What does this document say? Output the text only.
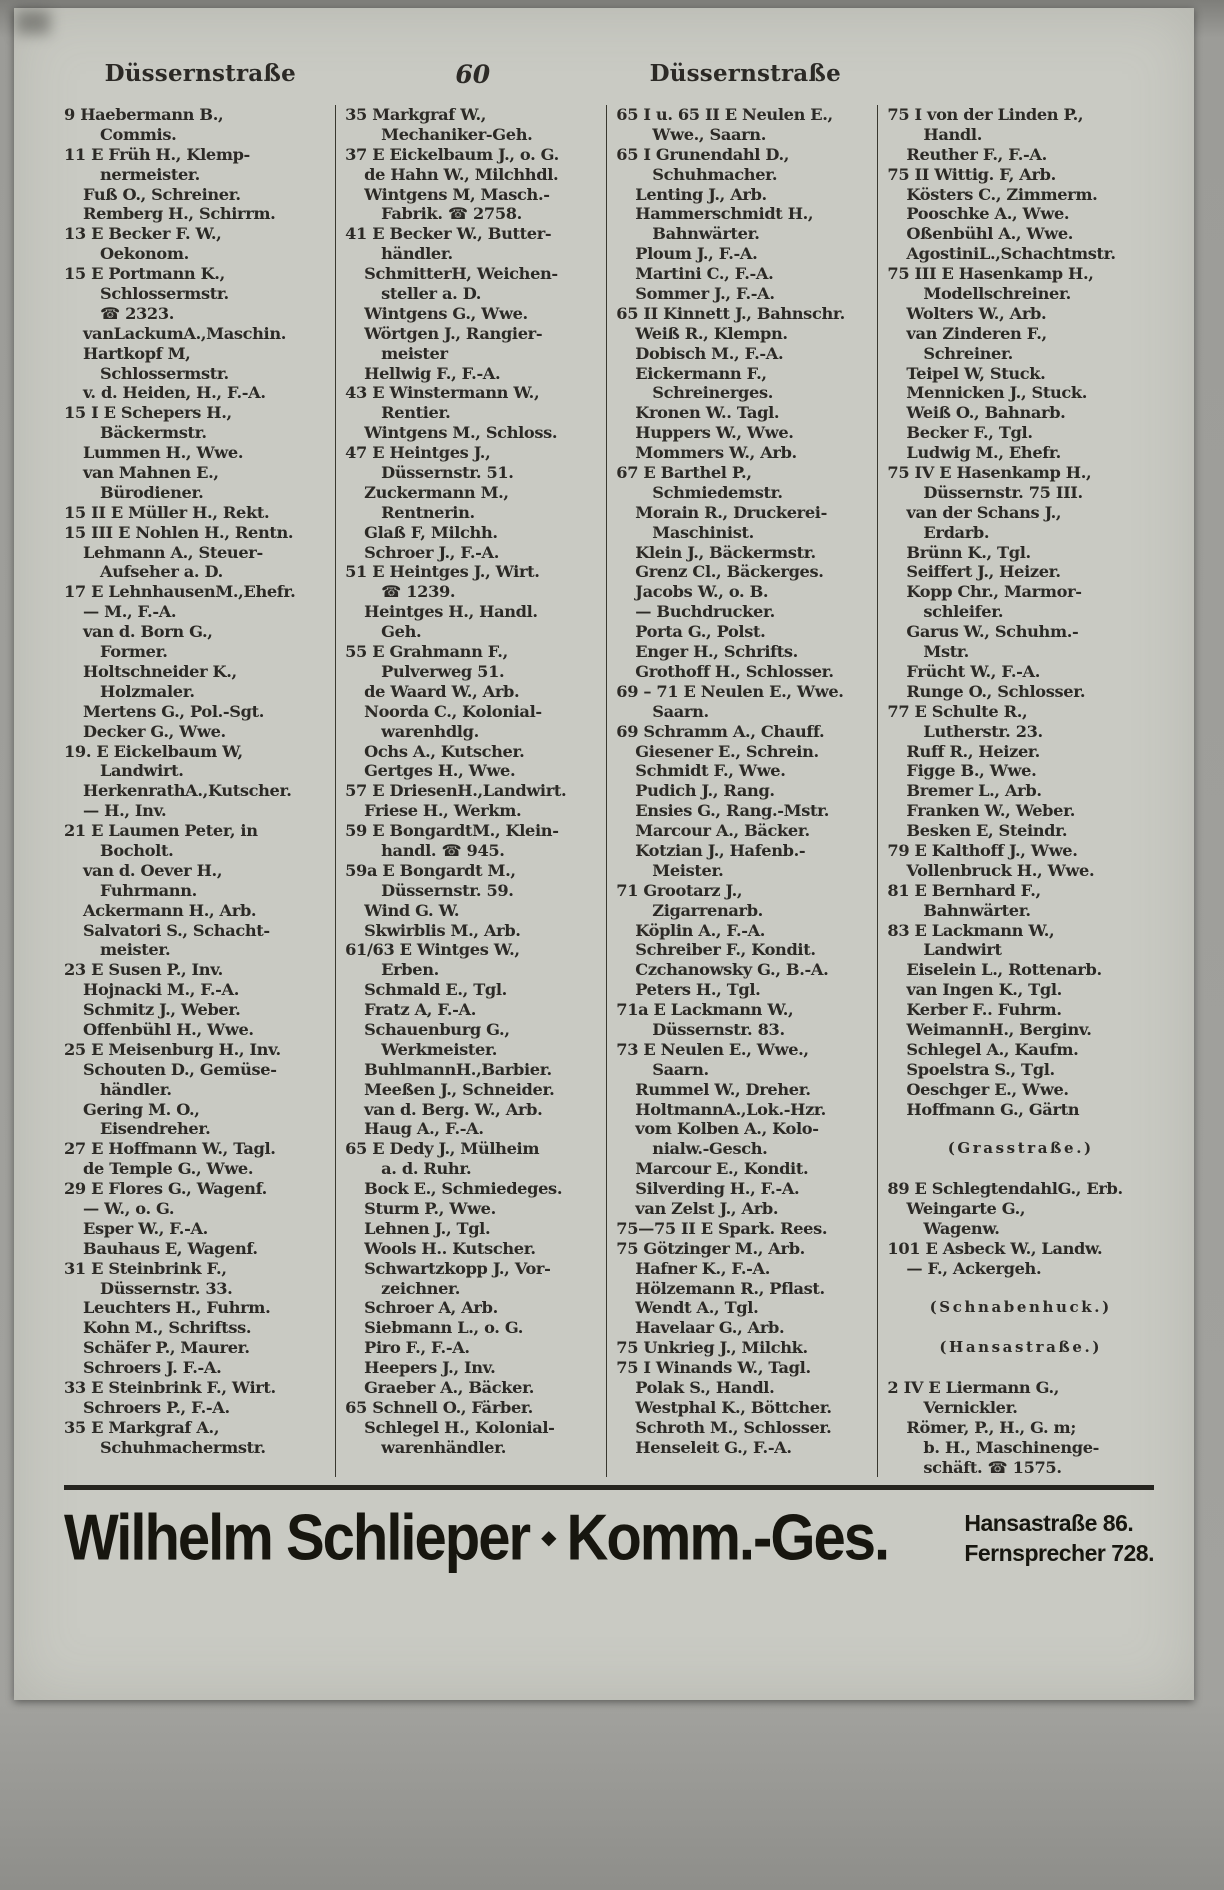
Düssernstraße	60	Düssernstraße
9 Haebermann B.,
Commis.
11 E Früh H., Klemp-
nermeister.
Fuß O., Schreiner.
Remberg H., Schirrm.
13 E Becker F. W.,
Oekonom.
15 E Portmann K.,
Schlossermstr.
☎ 2323.
vanLackumA.,Maschin.
Hartkopf M,
Schlossermstr.
v. d. Heiden, H., F.-A.
15 I E Schepers H.,
Bäckermstr.
Lummen H., Wwe.
van Mahnen E.,
Bürodiener.
15 II E Müller H., Rekt.
15 III E Nohlen H., Rentn.
Lehmann A., Steuer-
Aufseher a. D.
17 E LehnhausenM.,Ehefr.
— M., F.-A.
van d. Born G.,
Former.
Holtschneider K.,
Holzmaler.
Mertens G., Pol.-Sgt.
Decker G., Wwe.
19. E Eickelbaum W,
Landwirt.
HerkenrathA.,Kutscher.
— H., Inv.
21 E Laumen Peter, in
Bocholt.
van d. Oever H.,
Fuhrmann.
Ackermann H., Arb.
Salvatori S., Schacht-
meister.
23 E Susen P., Inv.
Hojnacki M., F.-A.
Schmitz J., Weber.
Offenbühl H., Wwe.
25 E Meisenburg H., Inv.
Schouten D., Gemüse-
händler.
Gering M. O.,
Eisendreher.
27 E Hoffmann W., Tagl.
de Temple G., Wwe.
29 E Flores G., Wagenf.
— W., o. G.
Esper W., F.-A.
Bauhaus E, Wagenf.
31 E Steinbrink F.,
Düssernstr. 33.
Leuchters H., Fuhrm.
Kohn M., Schriftss.
Schäfer P., Maurer.
Schroers J. F.-A.
33 E Steinbrink F., Wirt.
Schroers P., F.-A.
35 E Markgraf A.,
Schuhmachermstr.
35 Markgraf W.,
Mechaniker-Geh.
37 E Eickelbaum J., o. G.
de Hahn W., Milchhdl.
Wintgens M, Masch.-
Fabrik. ☎ 2758.
41 E Becker W., Butter-
händler.
SchmitterH, Weichen-
steller a. D.
Wintgens G., Wwe.
Wörtgen J., Rangier-
meister
Hellwig F., F.-A.
43 E Winstermann W.,
Rentier.
Wintgens M., Schloss.
47 E Heintges J.,
Düssernstr. 51.
Zuckermann M.,
Rentnerin.
Glaß F, Milchh.
Schroer J., F.-A.
51 E Heintges J., Wirt.
☎ 1239.
Heintges H., Handl.
Geh.
55 E Grahmann F.,
Pulverweg 51.
de Waard W., Arb.
Noorda C., Kolonial-
warenhdlg.
Ochs A., Kutscher.
Gertges H., Wwe.
57 E DriesenH.,Landwirt.
Friese H., Werkm.
59 E BongardtM., Klein-
handl. ☎ 945.
59a E Bongardt M.,
Düssernstr. 59.
Wind G. W.
Skwirblis M., Arb.
61/63 E Wintges W.,
Erben.
Schmald E., Tgl.
Fratz A, F.-A.
Schauenburg G.,
Werkmeister.
BuhlmannH.,Barbier.
Meeßen J., Schneider.
van d. Berg. W., Arb.
Haug A., F.-A.
65 E Dedy J., Mülheim
a. d. Ruhr.
Bock E., Schmiedeges.
Sturm P., Wwe.
Lehnen J., Tgl.
Wools H.. Kutscher.
Schwartzkopp J., Vor-
zeichner.
Schroer A, Arb.
Siebmann L., o. G.
Piro F., F.-A.
Heepers J., Inv.
Graeber A., Bäcker.
65 Schnell O., Färber.
Schlegel H., Kolonial-
warenhändler.
65 I u. 65 II E Neulen E.,
Wwe., Saarn.
65 I Grunendahl D.,
Schuhmacher.
Lenting J., Arb.
Hammerschmidt H.,
Bahnwärter.
Ploum J., F.-A.
Martini C., F.-A.
Sommer J., F.-A.
65 II Kinnett J., Bahnschr.
Weiß R., Klempn.
Dobisch M., F.-A.
Eickermann F.,
Schreinerges.
Kronen W.. Tagl.
Huppers W., Wwe.
Mommers W., Arb.
67 E Barthel P.,
Schmiedemstr.
Morain R., Druckerei-
Maschinist.
Klein J., Bäckermstr.
Grenz Cl., Bäckerges.
Jacobs W., o. B.
— Buchdrucker.
Porta G., Polst.
Enger H., Schrifts.
Grothoff H., Schlosser.
69 – 71 E Neulen E., Wwe.
Saarn.
69 Schramm A., Chauff.
Giesener E., Schrein.
Schmidt F., Wwe.
Pudich J., Rang.
Ensies G., Rang.-Mstr.
Marcour A., Bäcker.
Kotzian J., Hafenb.-
Meister.
71 Grootarz J.,
Zigarrenarb.
Köplin A., F.-A.
Schreiber F., Kondit.
Czchanowsky G., B.-A.
Peters H., Tgl.
71a E Lackmann W.,
Düssernstr. 83.
73 E Neulen E., Wwe.,
Saarn.
Rummel W., Dreher.
HoltmannA.,Lok.-Hzr.
vom Kolben A., Kolo-
nialw.-Gesch.
Marcour E., Kondit.
Silverding H., F.-A.
van Zelst J., Arb.
75—75 II E Spark. Rees.
75 Götzinger M., Arb.
Hafner K., F.-A.
Hölzemann R., Pflast.
Wendt A., Tgl.
Havelaar G., Arb.
75 Unkrieg J., Milchk.
75 I Winands W., Tagl.
Polak S., Handl.
Westphal K., Böttcher.
Schroth M., Schlosser.
Henseleit G., F.-A.
75 I von der Linden P.,
Handl.
Reuther F., F.-A.
75 II Wittig. F, Arb.
Kösters C., Zimmerm.
Pooschke A., Wwe.
Oßenbühl A., Wwe.
AgostiniL.,Schachtmstr.
75 III E Hasenkamp H.,
Modellschreiner.
Wolters W., Arb.
van Zinderen F.,
Schreiner.
Teipel W, Stuck.
Mennicken J., Stuck.
Weiß O., Bahnarb.
Becker F., Tgl.
Ludwig M., Ehefr.
75 IV E Hasenkamp H.,
Düssernstr. 75 III.
van der Schans J.,
Erdarb.
Brünn K., Tgl.
Seiffert J., Heizer.
Kopp Chr., Marmor-
schleifer.
Garus W., Schuhm.-
Mstr.
Frücht W., F.-A.
Runge O., Schlosser.
77 E Schulte R.,
Lutherstr. 23.
Ruff R., Heizer.
Figge B., Wwe.
Bremer L., Arb.
Franken W., Weber.
Besken E, Steindr.
79 E Kalthoff J., Wwe.
Vollenbruck H., Wwe.
81 E Bernhard F.,
Bahnwärter.
83 E Lackmann W.,
Landwirt
Eiselein L., Rottenarb.
van Ingen K., Tgl.
Kerber F.. Fuhrm.
WeimannH., Berginv.
Schlegel A., Kaufm.
Spoelstra S., Tgl.
Oeschger E., Wwe.
Hoffmann G., Gärtn
(Grasstraße.)
89 E SchlegtendahlG., Erb.
Weingarte G.,
Wagenw.
101 E Asbeck W., Landw.
— F., Ackergeh.
(Schnabenhuck.)
(Hansastraße.)
2 IV E Liermann G.,
Vernickler.
Römer, P., H., G. m;
b. H., Maschinenge-
schäft. ☎ 1575.
Wilhelm Schlieper ◆ Komm.-Ges.	Hansastraße 86.
Fernsprecher 728.
